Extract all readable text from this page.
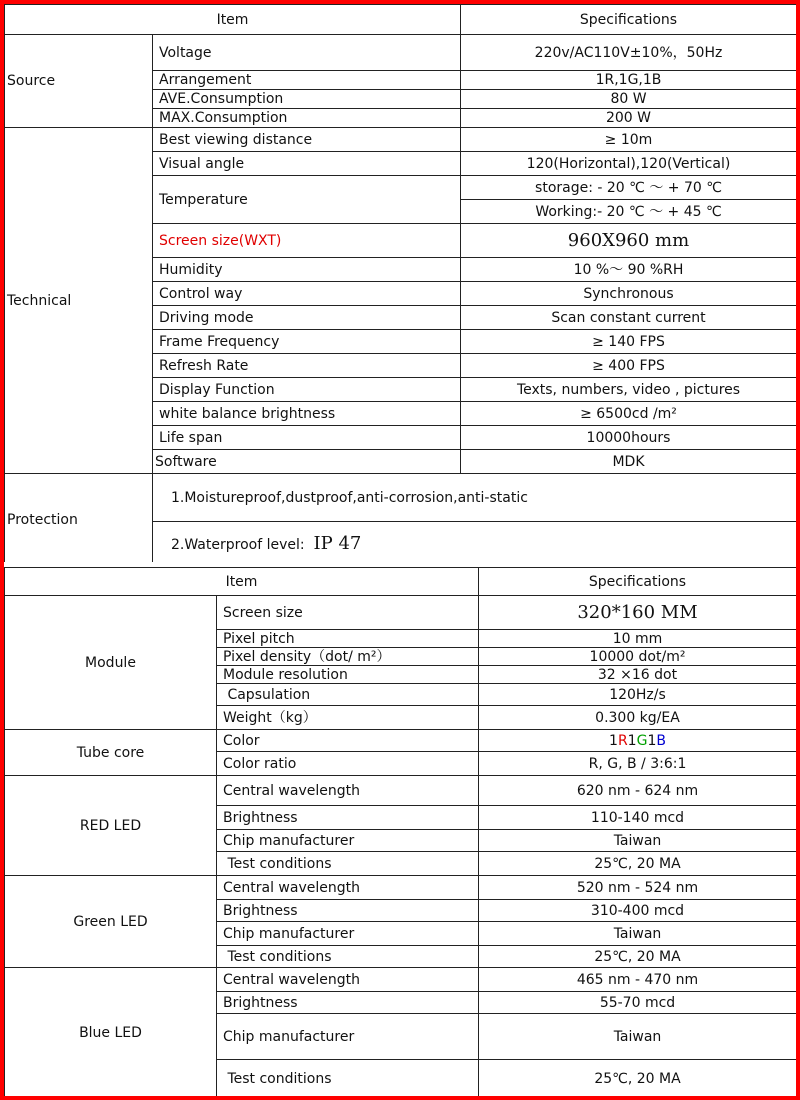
Item		Specifications
Source	Voltage	220v/AC110V±10%，50Hz
	Arrangement	1R,1G,1B
	AVE.Consumption	80 W
	MAX.Consumption	200 W
Technical	Best viewing distance	≥ 10m
	Visual angle	120(Horizontal),120(Vertical)
	Temperature	storage: - 20 ℃ ～ + 70 ℃
		Working:- 20 ℃ ～ + 45 ℃
	Screen size(WXT)	960X960 mm
	Humidity	10 %～ 90 %RH
	Control way	Synchronous
	Driving mode	Scan constant current
	Frame Frequency	≥ 140 FPS
	Refresh Rate	≥ 400 FPS
	Display Function	Texts, numbers, video , pictures
	white balance brightness	≥ 6500cd /m²
	Life span	10000hours
	Software	MDK
Protection	1.Moistureproof,dustproof,anti-corrosion,anti-static	
	2.Waterproof level: IP 47	
Item		Specifications
Module	Screen size	320*160 MM
	Pixel pitch	10 mm
	Pixel density（dot/ m²）	10000 dot/m²
	Module resolution	32 ×16 dot
	Capsulation	120Hz/s
	Weight（kg）	0.300 kg/EA
Tube core	Color	1R1G1B
	Color ratio	R, G, B / 3:6:1
RED LED	Central wavelength	620 nm - 624 nm
	Brightness	110-140 mcd
	Chip manufacturer	Taiwan
	Test conditions	25℃, 20 MA
Green LED	Central wavelength	520 nm - 524 nm
	Brightness	310-400 mcd
	Chip manufacturer	Taiwan
	Test conditions	25℃, 20 MA
Blue LED	Central wavelength	465 nm - 470 nm
	Brightness	55-70 mcd
	Chip manufacturer	Taiwan
	Test conditions	25℃, 20 MA
